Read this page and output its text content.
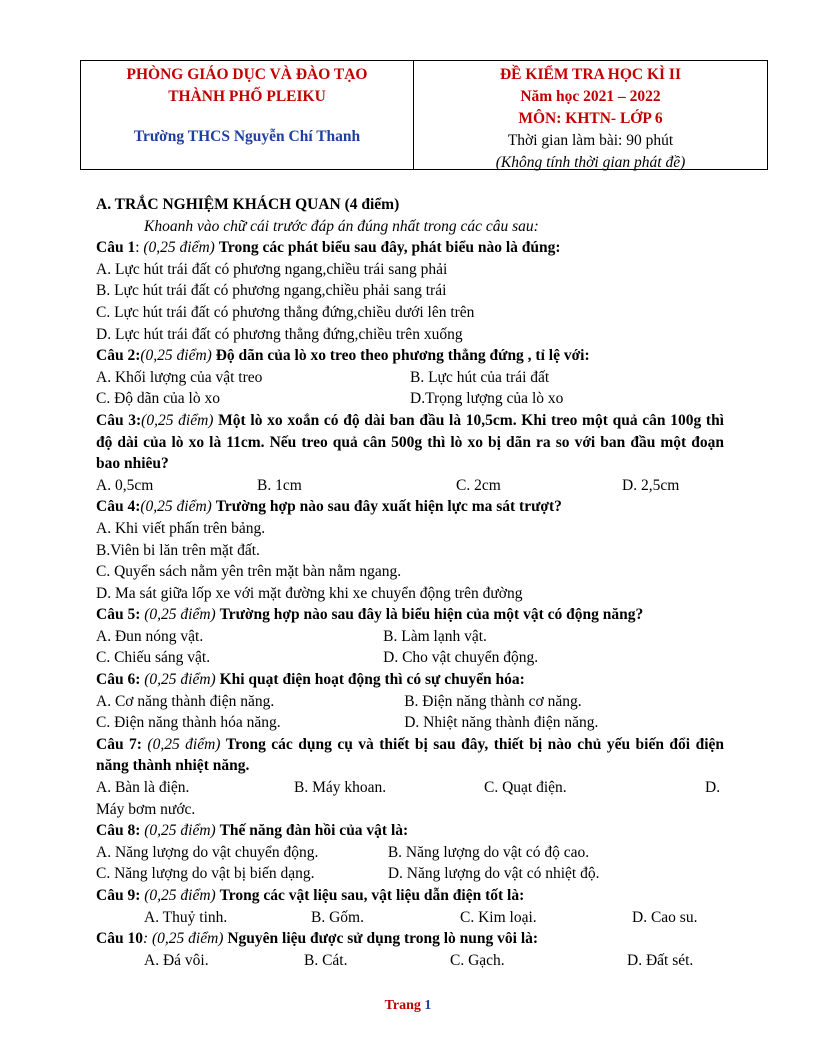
PHÒNG GIÁO DỤC VÀ ĐÀO TẠO
THÀNH PHỐ PLEIKU
Trường THCS Nguyễn Chí Thanh
ĐỀ KIỂM TRA HỌC KÌ II
Năm học 2021 – 2022
MÔN: KHTN- LỚP 6
Thời gian làm bài: 90 phút
(Không tính thời gian phát đề)
A. TRẮC NGHIỆM KHÁCH QUAN (4 điểm)
Khoanh vào chữ cái trước đáp án đúng nhất trong các câu sau:
Câu 1: (0,25 điểm) Trong các phát biểu sau đây, phát biểu nào là đúng:
A. Lực hút trái đất có phương ngang,chiều trái sang phải
B. Lực hút trái đất có phương ngang,chiều phải sang trái
C. Lực hút trái đất có phương thẳng đứng,chiều dưới lên trên
D. Lực hút trái đất có phương thẳng đứng,chiều trên xuống
Câu 2:(0,25 điểm) Độ dãn của lò xo treo theo phương thẳng đứng , tỉ lệ với:
A. Khối lượng của vật treo	B. Lực hút của trái đất
C. Độ dãn của lò xo	D.Trọng lượng của lò xo
Câu 3:(0,25 điểm) Một lò xo xoắn có độ dài ban đầu là 10,5cm. Khi treo một quả cân 100g thì độ dài của lò xo là 11cm. Nếu treo quả cân 500g thì lò xo bị dãn ra so với ban đầu một đoạn bao nhiêu?
A. 0,5cm	B. 1cm	C. 2cm	D. 2,5cm
Câu 4:(0,25 điểm) Trường hợp nào sau đây xuất hiện lực ma sát trượt?
A. Khi viết phấn trên bảng.
B.Viên bi lăn trên mặt đất.
C. Quyển sách nằm yên trên mặt bàn nằm ngang.
D. Ma sát giữa lốp xe với mặt đường khi xe chuyển động trên đường
Câu 5: (0,25 điểm) Trường hợp nào sau đây là biểu hiện của một vật có động năng?
A. Đun nóng vật.	B. Làm lạnh vật.
C. Chiếu sáng vật.	D. Cho vật chuyển động.
Câu 6: (0,25 điểm) Khi quạt điện hoạt động thì có sự chuyển hóa:
A. Cơ năng thành điện năng.	B. Điện năng thành cơ năng.
C. Điện năng thành hóa năng.	D. Nhiệt năng thành điện năng.
Câu 7: (0,25 điểm) Trong các dụng cụ và thiết bị sau đây, thiết bị nào chủ yếu biến đổi điện năng thành nhiệt năng.
A. Bàn là điện.	B. Máy khoan.	C. Quạt điện.	D.
Máy bơm nước.
Câu 8: (0,25 điểm) Thế năng đàn hồi của vật là:
A. Năng lượng do vật chuyển động.	B. Năng lượng do vật có độ cao.
C. Năng lượng do vật bị biến dạng.	D. Năng lượng do vật có nhiệt độ.
Câu 9: (0,25 điểm) Trong các vật liệu sau, vật liệu dẫn điện tốt là:
A. Thuỷ tinh.	B. Gốm.	C. Kim loại.	D. Cao su.
Câu 10: (0,25 điểm) Nguyên liệu được sử dụng trong lò nung vôi là:
A. Đá vôi.	B. Cát.	C. Gạch.	D. Đất sét.
Trang 1
